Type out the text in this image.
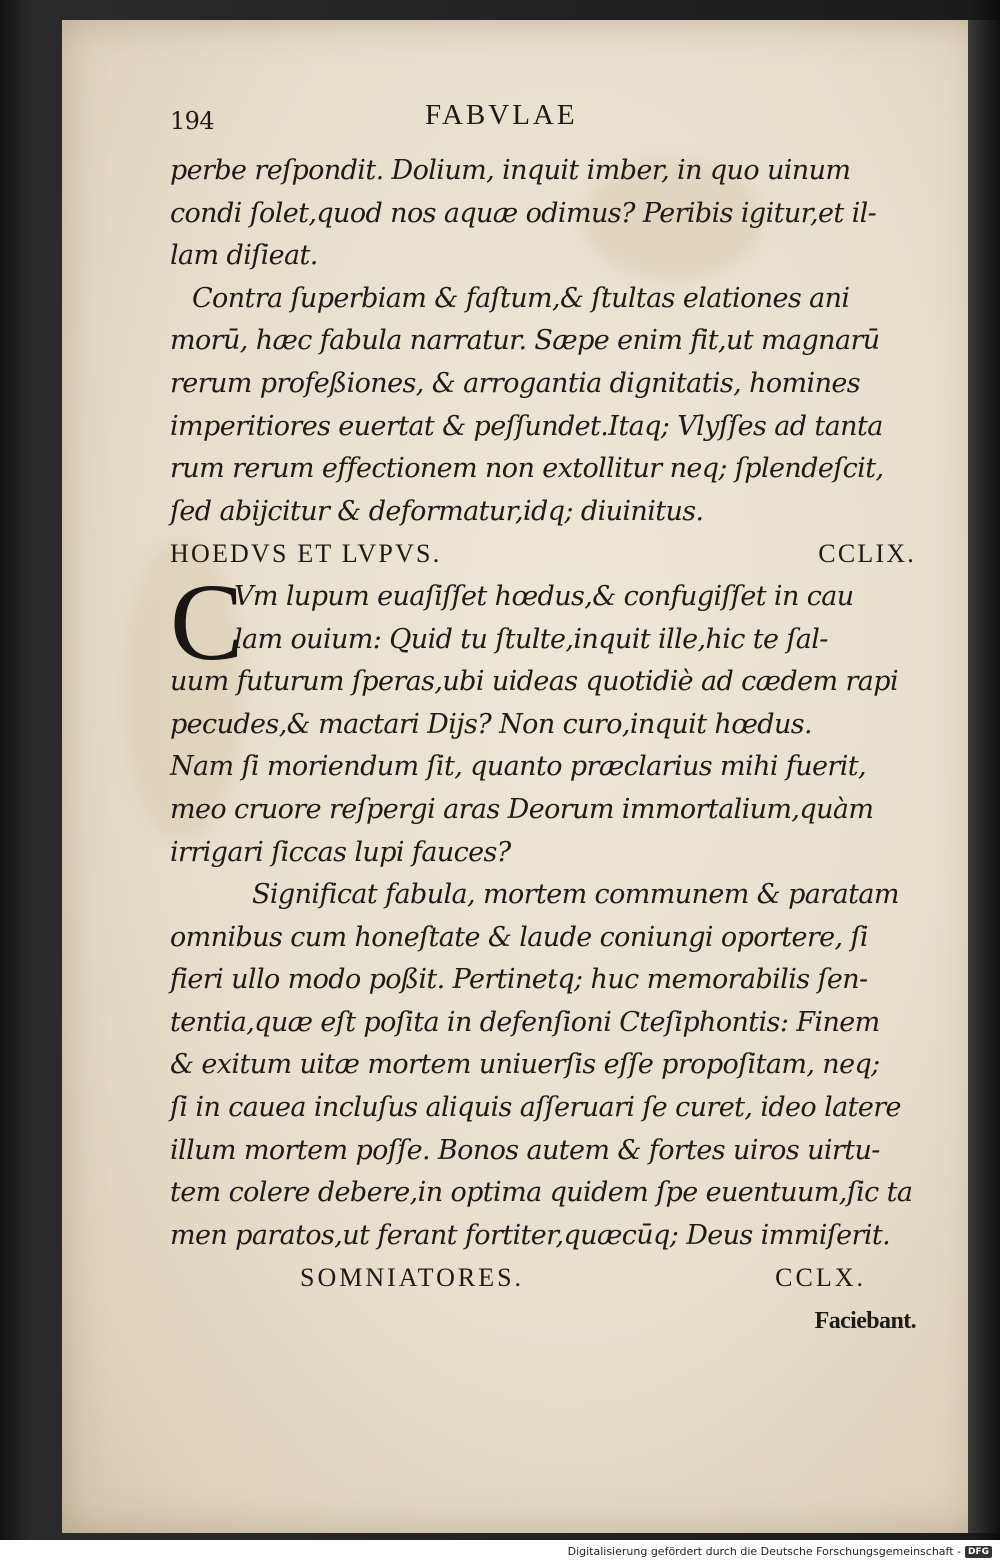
194	FABVLAE
perbe reſpondit. Dolium, inquit imber, in quo uinum
condi ſolet,quod nos aquæ odimus? Peribis igitur,et il-
lam diſieat.
Contra ſuperbiam & faſtum,& ſtultas elationes ani
morū, hæc fabula narratur. Sæpe enim fit,ut magnarū
rerum profeßiones, & arrogantia dignitatis, homines
imperitiores euertat & peſſundet.Itaq; Vlyſſes ad tanta
rum rerum effectionem non extollitur neq; ſplendeſcit,
ſed abijcitur & deformatur,idq; diuinitus.
HOEDVS ET LVPVS.	CCLIX.
C
Vm lupum euaſiſſet hœdus,& confugiſſet in cau
lam ouium: Quid tu ſtulte,inquit ille,hic te ſal-
uum futurum ſperas,ubi uideas quotidiè ad cædem rapi
pecudes,& mactari Dijs? Non curo,inquit hœdus.
Nam ſi moriendum ſit, quanto præclarius mihi fuerit,
meo cruore reſpergi aras Deorum immortalium,quàm
irrigari ſiccas lupi fauces?
Significat fabula, mortem communem & paratam
omnibus cum honeſtate & laude coniungi oportere, ſi
fieri ullo modo poßit. Pertinetq; huc memorabilis ſen-
tentia,quæ eſt poſita in defenſioni Cteſiphontis: Finem
& exitum uitæ mortem uniuerſis eſſe propoſitam, neq;
ſi in cauea incluſus aliquis aſſeruari ſe curet, ideo latere
illum mortem poſſe. Bonos autem & fortes uiros uirtu-
tem colere debere,in optima quidem ſpe euentuum,ſic ta
men paratos,ut ferant fortiter,quæcūq; Deus immiſerit.
SOMNIATORES.	CCLX.
Faciebant.
Digitalisierung gefördert durch die Deutsche Forschungsgemeinschaft - DFG
